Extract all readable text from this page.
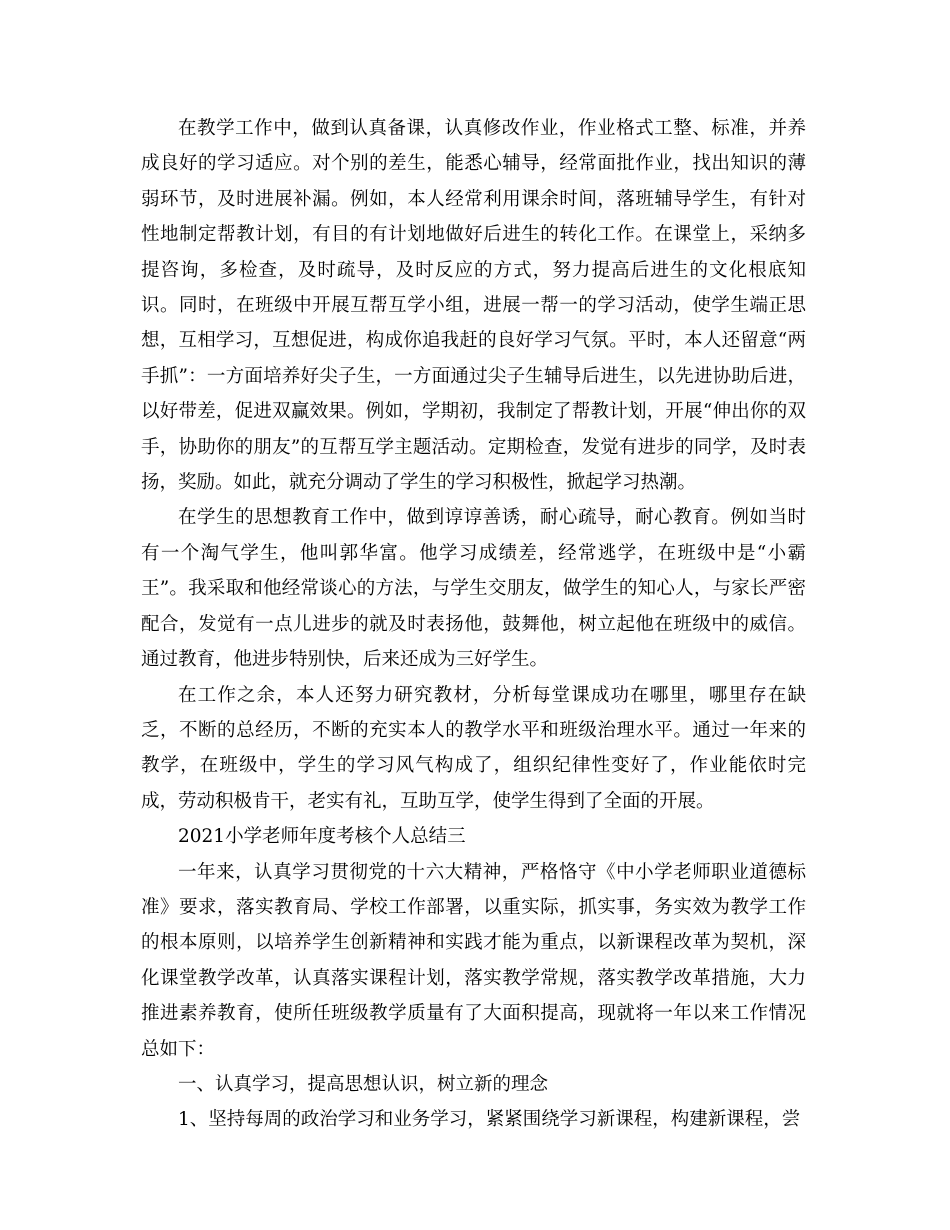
在教学工作中，做到认真备课，认真修改作业，作业格式工整、标准，并养成良好的学习适应。对个别的差生，能悉心辅导，经常面批作业，找出知识的薄弱环节，及时进展补漏。例如，本人经常利用课余时间，落班辅导学生，有针对性地制定帮教计划，有目的有计划地做好后进生的转化工作。在课堂上，采纳多提咨询，多检查，及时疏导，及时反应的方式，努力提高后进生的文化根底知识。同时，在班级中开展互帮互学小组，进展一帮一的学习活动，使学生端正思想，互相学习，互想促进，构成你追我赶的良好学习气氛。平时，本人还留意“两手抓”：一方面培养好尖子生，一方面通过尖子生辅导后进生，以先进协助后进，以好带差，促进双赢效果。例如，学期初，我制定了帮教计划，开展“伸出你的双手，协助你的朋友”的互帮互学主题活动。定期检查，发觉有进步的同学，及时表扬，奖励。如此，就充分调动了学生的学习积极性，掀起学习热潮。

在学生的思想教育工作中，做到谆谆善诱，耐心疏导，耐心教育。例如当时有一个淘气学生，他叫郭华富。他学习成绩差，经常逃学，在班级中是“小霸王”。我采取和他经常谈心的方法，与学生交朋友，做学生的知心人，与家长严密配合，发觉有一点儿进步的就及时表扬他，鼓舞他，树立起他在班级中的威信。通过教育，他进步特别快，后来还成为三好学生。

在工作之余，本人还努力研究教材，分析每堂课成功在哪里，哪里存在缺乏，不断的总经历，不断的充实本人的教学水平和班级治理水平。通过一年来的教学，在班级中，学生的学习风气构成了，组织纪律性变好了，作业能依时完成，劳动积极肯干，老实有礼，互助互学，使学生得到了全面的开展。

2021小学老师年度考核个人总结三

一年来，认真学习贯彻党的十六大精神，严格恪守《中小学老师职业道德标准》要求，落实教育局、学校工作部署，以重实际，抓实事，务实效为教学工作的根本原则，以培养学生创新精神和实践才能为重点，以新课程改革为契机，深化课堂教学改革，认真落实课程计划，落实教学常规，落实教学改革措施，大力推进素养教育，使所任班级教学质量有了大面积提高，现就将一年以来工作情况总如下：

一、认真学习，提高思想认识，树立新的理念

1、坚持每周的政治学习和业务学习，紧紧围绕学习新课程，构建新课程，尝
